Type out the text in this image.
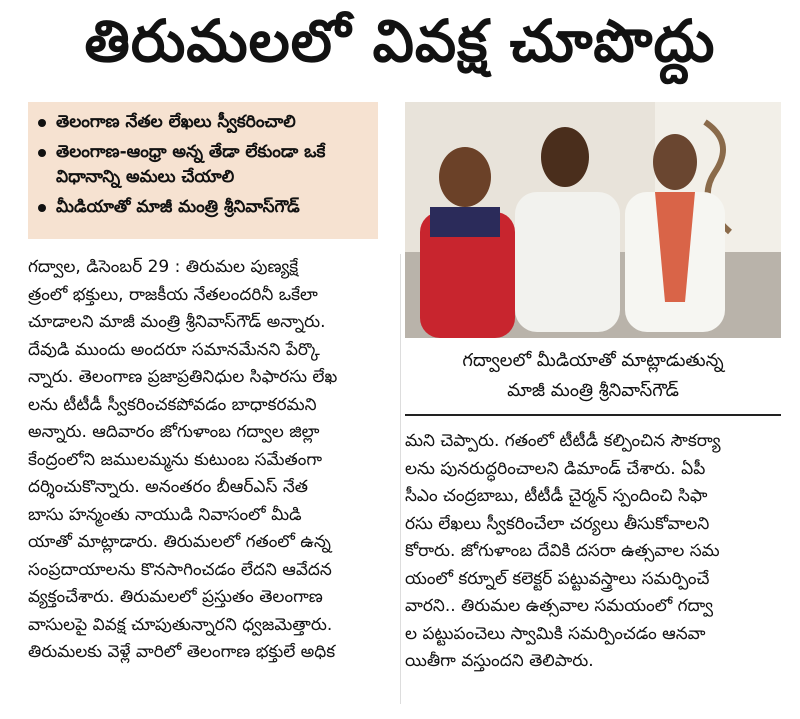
తిరుమలలో వివక్ష చూపొద్దు
తెలంగాణ నేతల లేఖలు స్వీకరించాలి
తెలంగాణ-ఆంధ్రా అన్న తేడా లేకుండా ఒకే విధానాన్ని అమలు చేయాలి
మీడియాతో మాజీ మంత్రి శ్రీనివాస్‌గౌడ్
గద్వాలలో మీడియాతో మాట్లాడుతున్న
మాజీ మంత్రి శ్రీనివాస్‌గౌడ్
గద్వాల, డిసెంబర్ 29 : తిరుమల పుణ్యక్షే
త్రంలో భక్తులు, రాజకీయ నేతలందరినీ ఒకేలా
చూడాలని మాజీ మంత్రి శ్రీనివాస్‌గౌడ్ అన్నారు.
దేవుడి ముందు అందరూ సమానమేనని పేర్కొ
న్నారు. తెలంగాణ ప్రజాప్రతినిధుల సిఫారసు లేఖ
లను టీటీడీ స్వీకరించకపోవడం బాధాకరమని
అన్నారు. ఆదివారం జోగుళాంబ గద్వాల జిల్లా
కేంద్రంలోని జములమ్మను కుటుంబ సమేతంగా
దర్శించుకొన్నారు. అనంతరం బీఆర్‌ఎస్ నేత
బాసు హన్మంతు నాయుడి నివాసంలో మీడి
యాతో మాట్లాడారు. తిరుమలలో గతంలో ఉన్న
సంప్రదాయాలను కొనసాగించడం లేదని ఆవేదన
వ్యక్తంచేశారు. తిరుమలలో ప్రస్తుతం తెలంగాణ
వాసులపై వివక్ష చూపుతున్నారని ధ్వజమెత్తారు.
తిరుమలకు వెళ్లే వారిలో తెలంగాణ భక్తులే అధిక
మని చెప్పారు. గతంలో టీటీడీ కల్పించిన సౌకర్యా
లను పునరుద్ధరించాలని డిమాండ్ చేశారు. ఏపీ
సీఎం చంద్రబాబు, టీటీడీ చైర్మన్ స్పందించి సిఫా
రసు లేఖలు స్వీకరించేలా చర్యలు తీసుకోవాలని
కోరారు. జోగుళాంబ దేవికి దసరా ఉత్సవాల సమ
యంలో కర్నూల్ కలెక్టర్ పట్టువస్త్రాలు సమర్పించే
వారని.. తిరుమల ఉత్సవాల సమయంలో గద్వా
ల పట్టుపంచెలు స్వామికి సమర్పించడం ఆనవా
యితీగా వస్తుందని తెలిపారు.
